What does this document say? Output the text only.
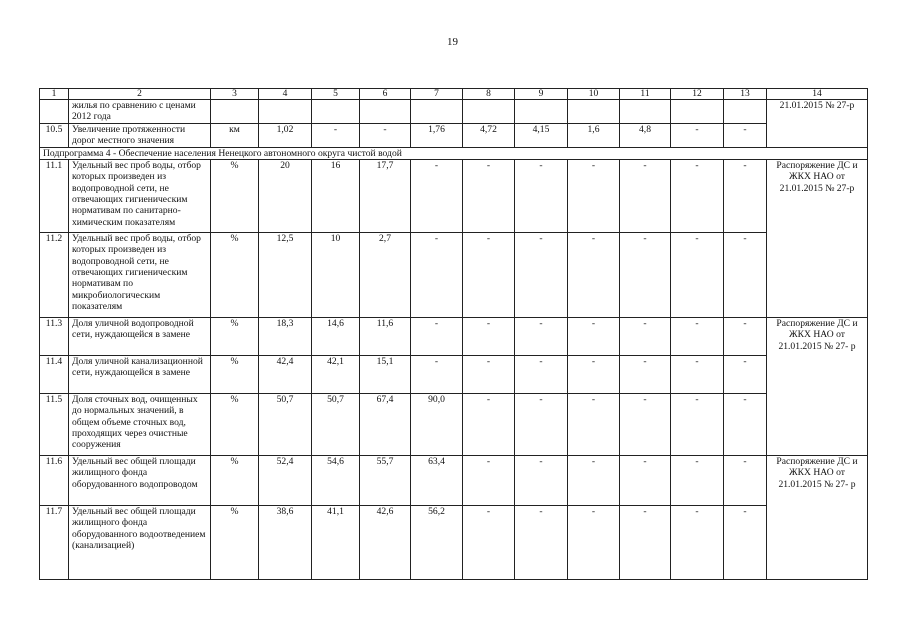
19
1	2	3	4	5	6	7	8	9	10	11	12	13	14
	жилья по сравнению с ценами 2012 года												21.01.2015 № 27-р
10.5	Увеличение протяженности дорог местного значения	км	1,02	-	-	1,76	4,72	4,15	1,6	4,8	-	-	
Подпрограмма 4 - Обеспечение населения Ненецкого автономного округа чистой водой													
11.1	Удельный вес проб воды, отбор которых произведен из водопроводной сети, не отвечающих гигиеническим нормативам по санитарно-химическим показателям	%	20	16	17,7	-	-	-	-	-	-	-	Распоряжение ДС и ЖКХ НАО от 21.01.2015 № 27-р
11.2	Удельный вес проб воды, отбор которых произведен из водопроводной сети, не отвечающих гигиеническим нормативам по микробиологическим показателям	%	12,5	10	2,7	-	-	-	-	-	-	-	
11.3	Доля уличной водопроводной сети, нуждающейся в замене	%	18,3	14,6	11,6	-	-	-	-	-	-	-	Распоряжение ДС и ЖКХ НАО от 21.01.2015 № 27- р
11.4	Доля уличной канализационной сети, нуждающейся в замене	%	42,4	42,1	15,1	-	-	-	-	-	-	-	
11.5	Доля сточных вод, очищенных до нормальных значений, в общем объеме сточных вод, проходящих через очистные сооружения	%	50,7	50,7	67,4	90,0	-	-	-	-	-	-	
11.6	Удельный вес общей площади жилищного фонда оборудованного водопроводом	%	52,4	54,6	55,7	63,4	-	-	-	-	-	-	Распоряжение ДС и ЖКХ НАО от 21.01.2015 № 27- р
11.7	Удельный вес общей площади жилищного фонда оборудованного водоотведением (канализацией)	%	38,6	41,1	42,6	56,2	-	-	-	-	-	-	
